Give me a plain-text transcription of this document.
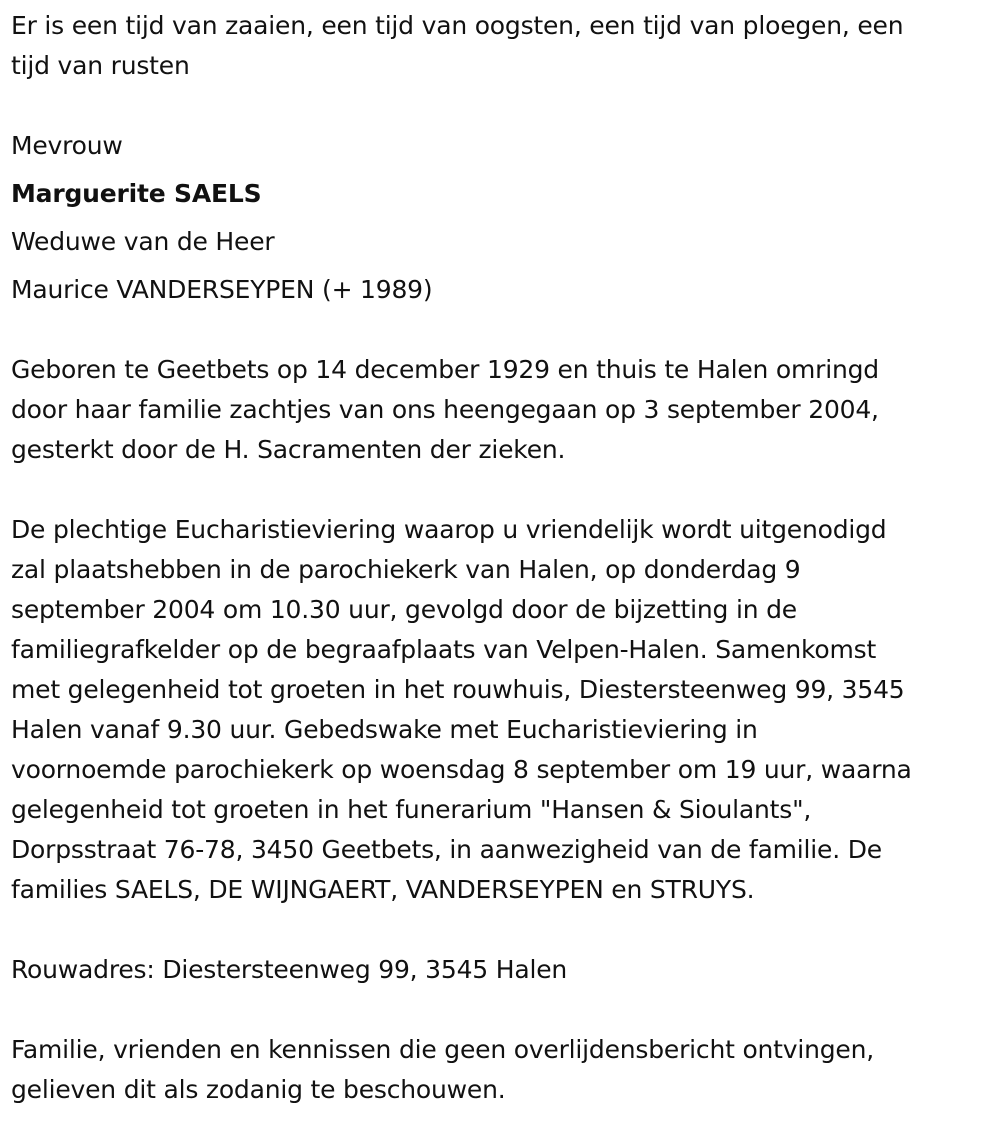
Er is een tijd van zaaien, een tijd van oogsten, een tijd van ploegen, een
tijd van rusten
Mevrouw
Marguerite SAELS
Weduwe van de Heer
Maurice VANDERSEYPEN (+ 1989)
Geboren te Geetbets op 14 december 1929 en thuis te Halen omringd
door haar familie zachtjes van ons heengegaan op 3 september 2004,
gesterkt door de H. Sacramenten der zieken.
De plechtige Eucharistieviering waarop u vriendelijk wordt uitgenodigd
zal plaatshebben in de parochiekerk van Halen, op donderdag 9
september 2004 om 10.30 uur, gevolgd door de bijzetting in de
familiegrafkelder op de begraafplaats van Velpen-Halen. Samenkomst
met gelegenheid tot groeten in het rouwhuis, Diestersteenweg 99, 3545
Halen vanaf 9.30 uur. Gebedswake met Eucharistieviering in
voornoemde parochiekerk op woensdag 8 september om 19 uur, waarna
gelegenheid tot groeten in het funerarium "Hansen & Sioulants",
Dorpsstraat 76-78, 3450 Geetbets, in aanwezigheid van de familie. De
families SAELS, DE WIJNGAERT, VANDERSEYPEN en STRUYS.
Rouwadres: Diestersteenweg 99, 3545 Halen
Familie, vrienden en kennissen die geen overlijdensbericht ontvingen,
gelieven dit als zodanig te beschouwen.
